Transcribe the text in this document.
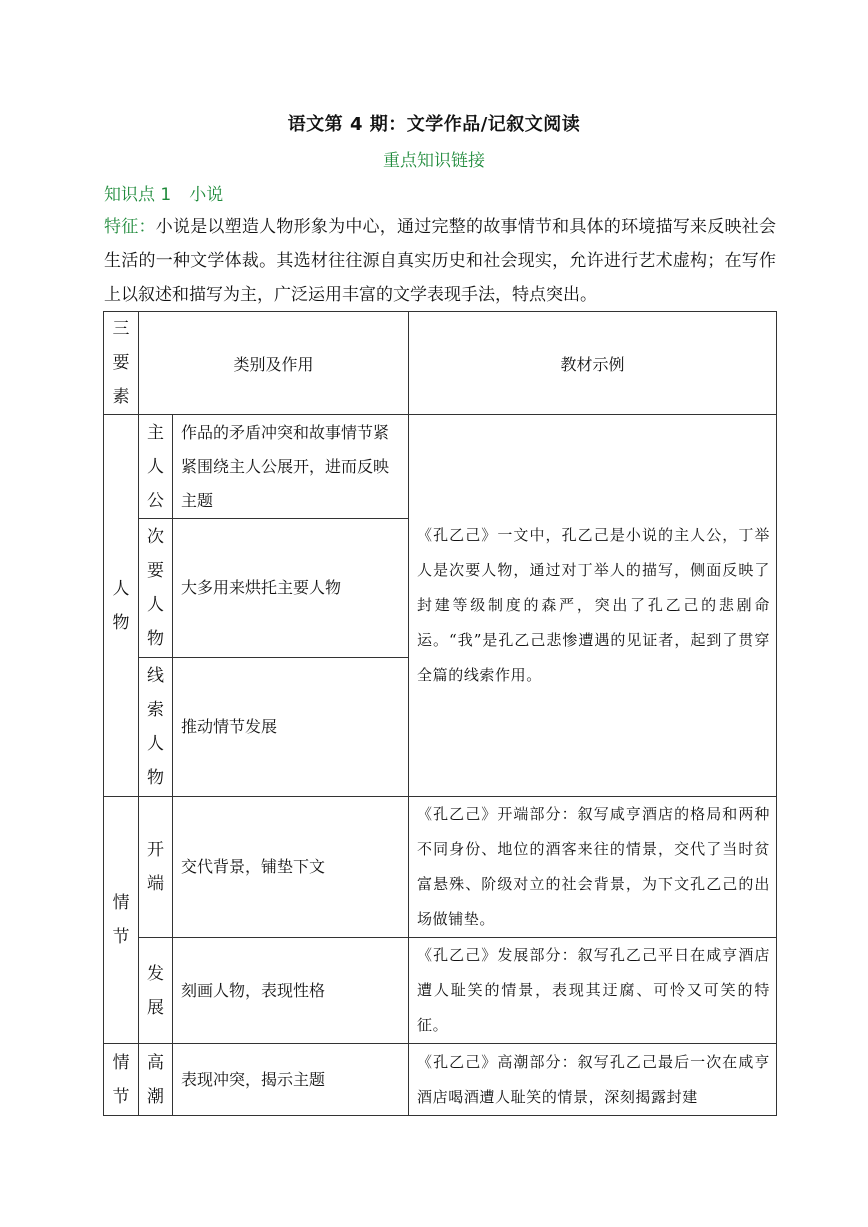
语文第 4 期：文学作品/记叙文阅读
重点知识链接
知识点 1 小说
特征：小说是以塑造人物形象为中心，通过完整的故事情节和具体的环境描写来反映社会生活的一种文学体裁。其选材往往源自真实历史和社会现实，允许进行艺术虚构；在写作上以叙述和描写为主，广泛运用丰富的文学表现手法，特点突出。
三
要
素	类别及作用		教材示例

人
物	主
人
公	作品的矛盾冲突和故事情节紧紧围绕主人公展开，进而反映主题	《孔乙己》一文中，孔乙己是小说的主人公，丁举人是次要人物，通过对丁举人的描写，侧面反映了封建等级制度的森严，突出了孔乙己的悲剧命运。“我”是孔乙己悲惨遭遇的见证者，起到了贯穿全篇的线索作用。

	次
要
人
物	大多用来烘托主要人物	

	线
索
人
物	推动情节发展	

情
节	开
端	交代背景，铺垫下文	《孔乙己》开端部分：叙写咸亨酒店的格局和两种不同身份、地位的酒客来往的情景，交代了当时贫富悬殊、阶级对立的社会背景，为下文孔乙己的出场做铺垫。

	发
展	刻画人物，表现性格	《孔乙己》发展部分：叙写孔乙己平日在咸亨酒店遭人耻笑的情景，表现其迂腐、可怜又可笑的特征。

情
节	高
潮	表现冲突，揭示主题	《孔乙己》高潮部分：叙写孔乙己最后一次在咸亨酒店喝酒遭人耻笑的情景，深刻揭露封建
